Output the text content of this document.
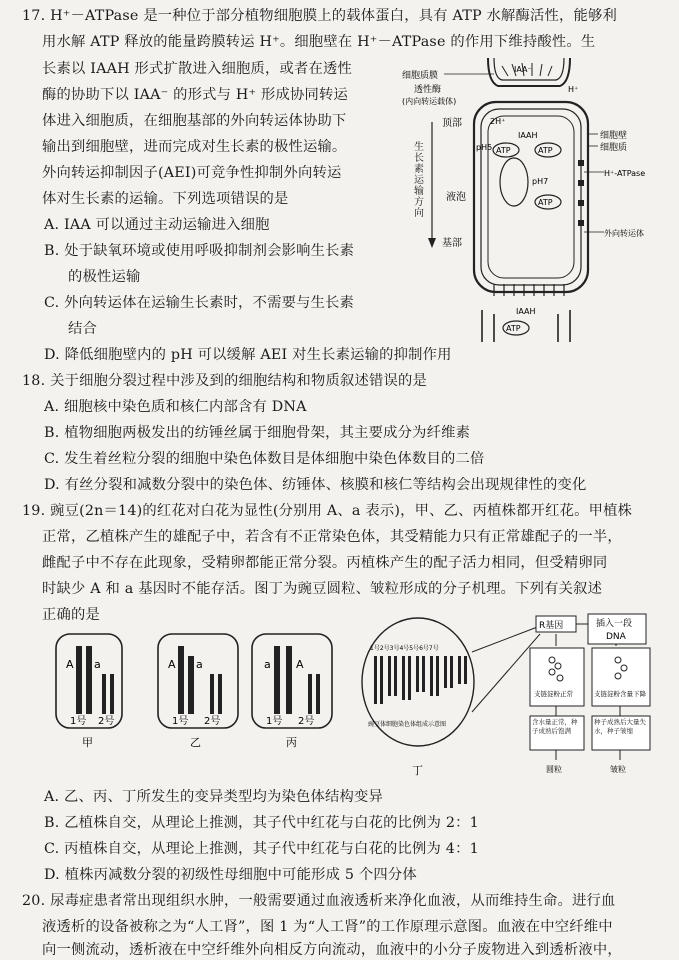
17. H⁺－ATPase 是一种位于部分植物细胞膜上的载体蛋白，具有 ATP 水解酶活性，能够利
用水解 ATP 释放的能量跨膜转运 H⁺。细胞壁在 H⁺－ATPase 的作用下维持酸性。生
长素以 IAAH 形式扩散进入细胞质，或者在透性
酶的协助下以 IAA⁻ 的形式与 H⁺ 形成协同转运
体进入细胞质，在细胞基部的外向转运体协助下
输出到细胞壁，进而完成对生长素的极性运输。
外向转运抑制因子(AEI)可竞争性抑制外向转运
体对生长素的运输。下列选项错误的是
A. IAA 可以通过主动运输进入细胞
B. 处于缺氧环境或使用呼吸抑制剂会影响生长素
的极性运输
C. 外向转运体在运输生长素时，不需要与生长素
结合
D. 降低细胞壁内的 pH 可以缓解 AEI 对生长素运输的抑制作用
细胞质膜
透性酶
(内向转运载体)
顶部
液泡
基部
细胞壁
细胞质
H⁺-ATPase
外向转运体
IAA⁻
2H⁺
IAAH
ATP	ATP
ATP
ATP
pH5
pH7
H⁺
IAAH
生长素运输方向
18. 关于细胞分裂过程中涉及到的细胞结构和物质叙述错误的是
A. 细胞核中染色质和核仁内部含有 DNA
B. 植物细胞两极发出的纺锤丝属于细胞骨架，其主要成分为纤维素
C. 发生着丝粒分裂的细胞中染色体数目是体细胞中染色体数目的二倍
D. 有丝分裂和减数分裂中的染色体、纺锤体、核膜和核仁等结构会出现规律性的变化
19. 豌豆(2n＝14)的红花对白花为显性(分别用 A、a 表示)，甲、乙、丙植株都开红花。甲植株
正常，乙植株产生的雄配子中，若含有不正常染色体，其受精能力只有正常雄配子的一半，
雌配子中不存在此现象，受精卵都能正常分裂。丙植株产生的配子活力相同，但受精卵同
时缺少 A 和 a 基因时不能存活。图丁为豌豆圆粒、皱粒形成的分子机理。下列有关叙述
正确的是
A a
1号 2号
甲
A a
1号 2号
乙
a A
1号 2号
丙
1号2号3号4号5号6号7号
豌豆体细胞染色体组成示意图
丁
R基因	插入一段
DNA
支链淀粉正常	支链淀粉含量下降
含水量正常，种子成熟后饱满
种子成熟后大量失水，种子皱缩
圆粒	皱粒
A. 乙、丙、丁所发生的变异类型均为染色体结构变异
B. 乙植株自交，从理论上推测，其子代中红花与白花的比例为 2：1
C. 丙植株自交，从理论上推测，其子代中红花与白花的比例为 4：1
D. 植株丙减数分裂的初级性母细胞中可能形成 5 个四分体
20. 尿毒症患者常出现组织水肿，一般需要通过血液透析来净化血液，从而维持生命。进行血
液透析的设备被称之为“人工肾”，图 1 为“人工肾”的工作原理示意图。血液在中空纤维中
向一侧流动，透析液在中空纤维外向相反方向流动，血液中的小分子废物进入到透析液中，
